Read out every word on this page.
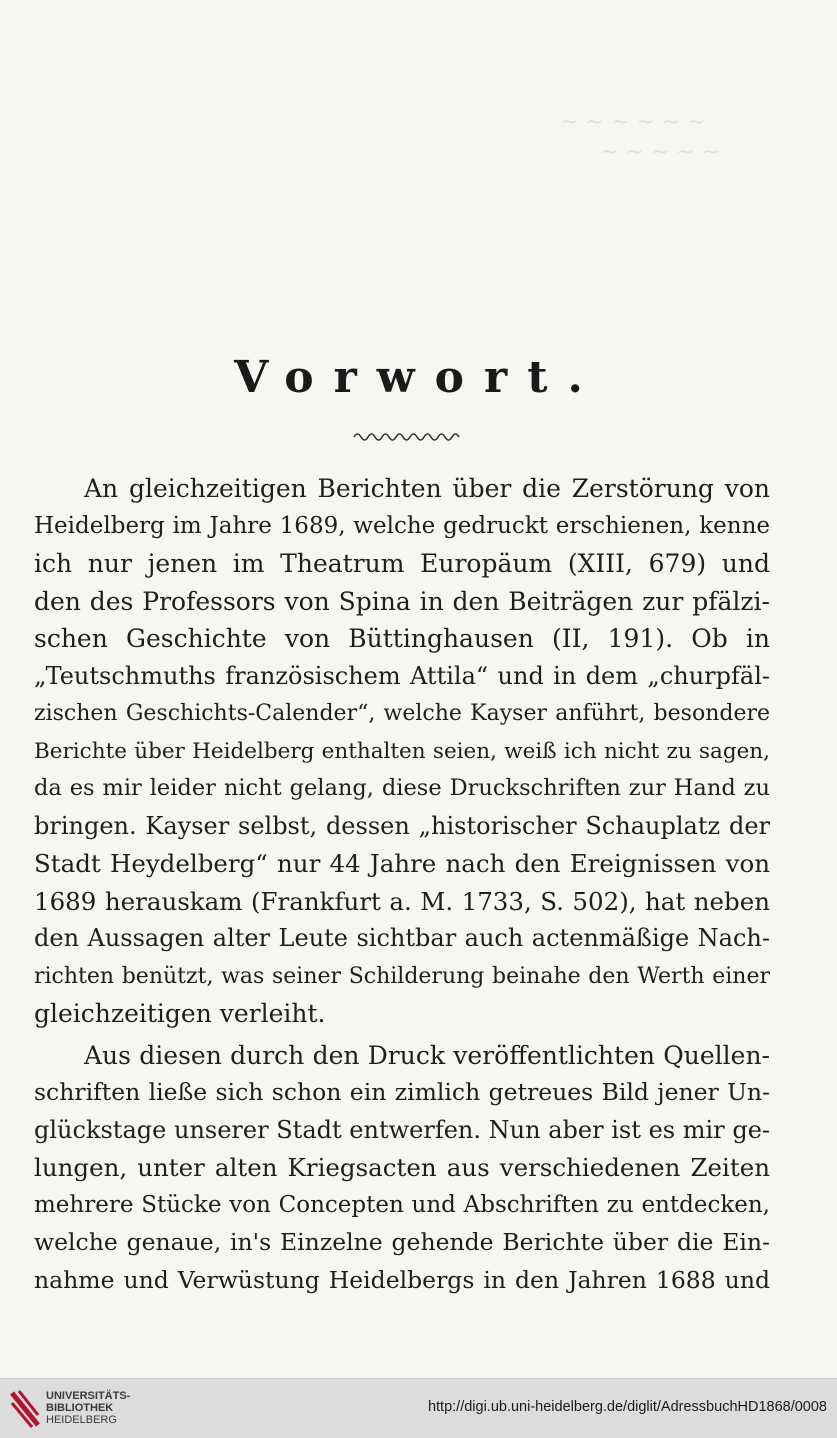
~ ~ ~ ~ ~ ~
~ ~ ~ ~ ~
Vorwort.
An gleichzeitigen Berichten über die Zerstörung von
Heidelberg im Jahre 1689, welche gedruckt erschienen, kenne
ich nur jenen im Theatrum Europäum (XIII, 679) und
den des Professors von Spina in den Beiträgen zur pfälzi-
schen Geschichte von Büttinghausen (II, 191). Ob in
„Teutschmuths französischem Attila“ und in dem „churpfäl-
zischen Geschichts-Calender“, welche Kayser anführt, besondere
Berichte über Heidelberg enthalten seien, weiß ich nicht zu sagen,
da es mir leider nicht gelang, diese Druckschriften zur Hand zu
bringen. Kayser selbst, dessen „historischer Schauplatz der
Stadt Heydelberg“ nur 44 Jahre nach den Ereignissen von
1689 herauskam (Frankfurt a. M. 1733, S. 502), hat neben
den Aussagen alter Leute sichtbar auch actenmäßige Nach-
richten benützt, was seiner Schilderung beinahe den Werth einer
gleichzeitigen verleiht.
Aus diesen durch den Druck veröffentlichten Quellen-
schriften ließe sich schon ein zimlich getreues Bild jener Un-
glückstage unserer Stadt entwerfen. Nun aber ist es mir ge-
lungen, unter alten Kriegsacten aus verschiedenen Zeiten
mehrere Stücke von Concepten und Abschriften zu entdecken,
welche genaue, in's Einzelne gehende Berichte über die Ein-
nahme und Verwüstung Heidelbergs in den Jahren 1688 und
UNIVERSITÄTS-
BIBLIOTHEK
HEIDELBERG
http://digi.ub.uni-heidelberg.de/diglit/AdressbuchHD1868/0008
